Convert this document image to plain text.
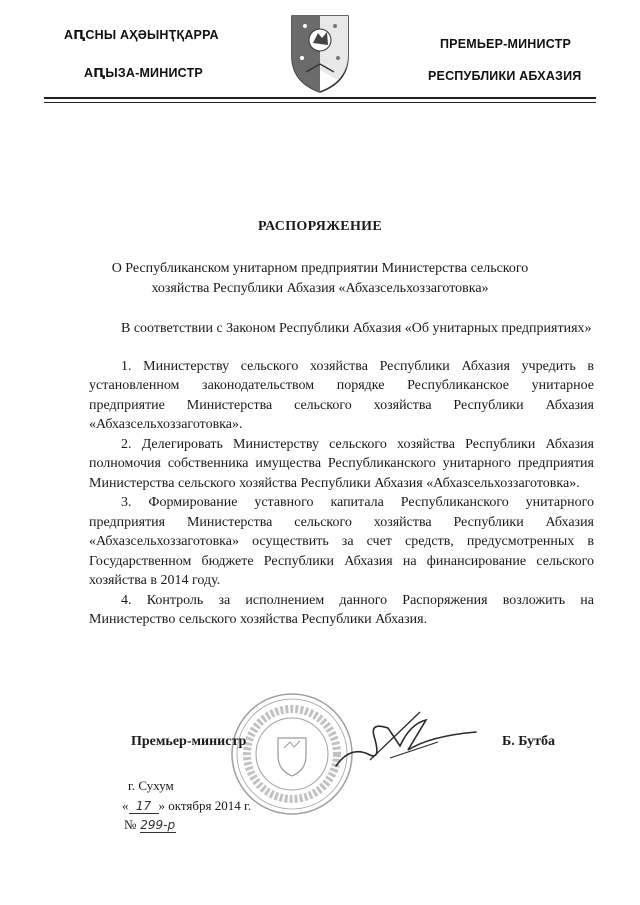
АԤСНЫ АҲӘЫНҬҚАРРА
АԤЫЗА-МИНИСТР
ПРЕМЬЕР-МИНИСТР
РЕСПУБЛИКИ АБХАЗИЯ
РАСПОРЯЖЕНИЕ
О Республиканском унитарном предприятии Министерства сельского хозяйства Республики Абхазия «Абхазсельхоззаготовка»

В соответствии с Законом Республики Абхазия «Об унитарных предприятиях»

1. Министерству сельского хозяйства Республики Абхазия учредить в установленном законодательством порядке Республиканское унитарное предприятие Министерства сельского хозяйства Республики Абхазия «Абхазсельхоззаготовка».

2. Делегировать Министерству сельского хозяйства Республики Абхазия полномочия собственника имущества Республиканского унитарного предприятия Министерства сельского хозяйства Республики Абхазия «Абхазсельхоззаготовка».

3. Формирование уставного капитала Республиканского унитарного предприятия Министерства сельского хозяйства Республики Абхазия «Абхазсельхоззаготовка» осуществить за счет средств, предусмотренных в Государственном бюджете Республики Абхазия на финансирование сельского хозяйства в 2014 году.

4. Контроль за исполнением данного Распоряжения возложить на Министерство сельского хозяйства Республики Абхазия.

Премьер-министр	Б. Бутба
г. Сухум
« 17 » октября 2014 г.
№ 299-р
